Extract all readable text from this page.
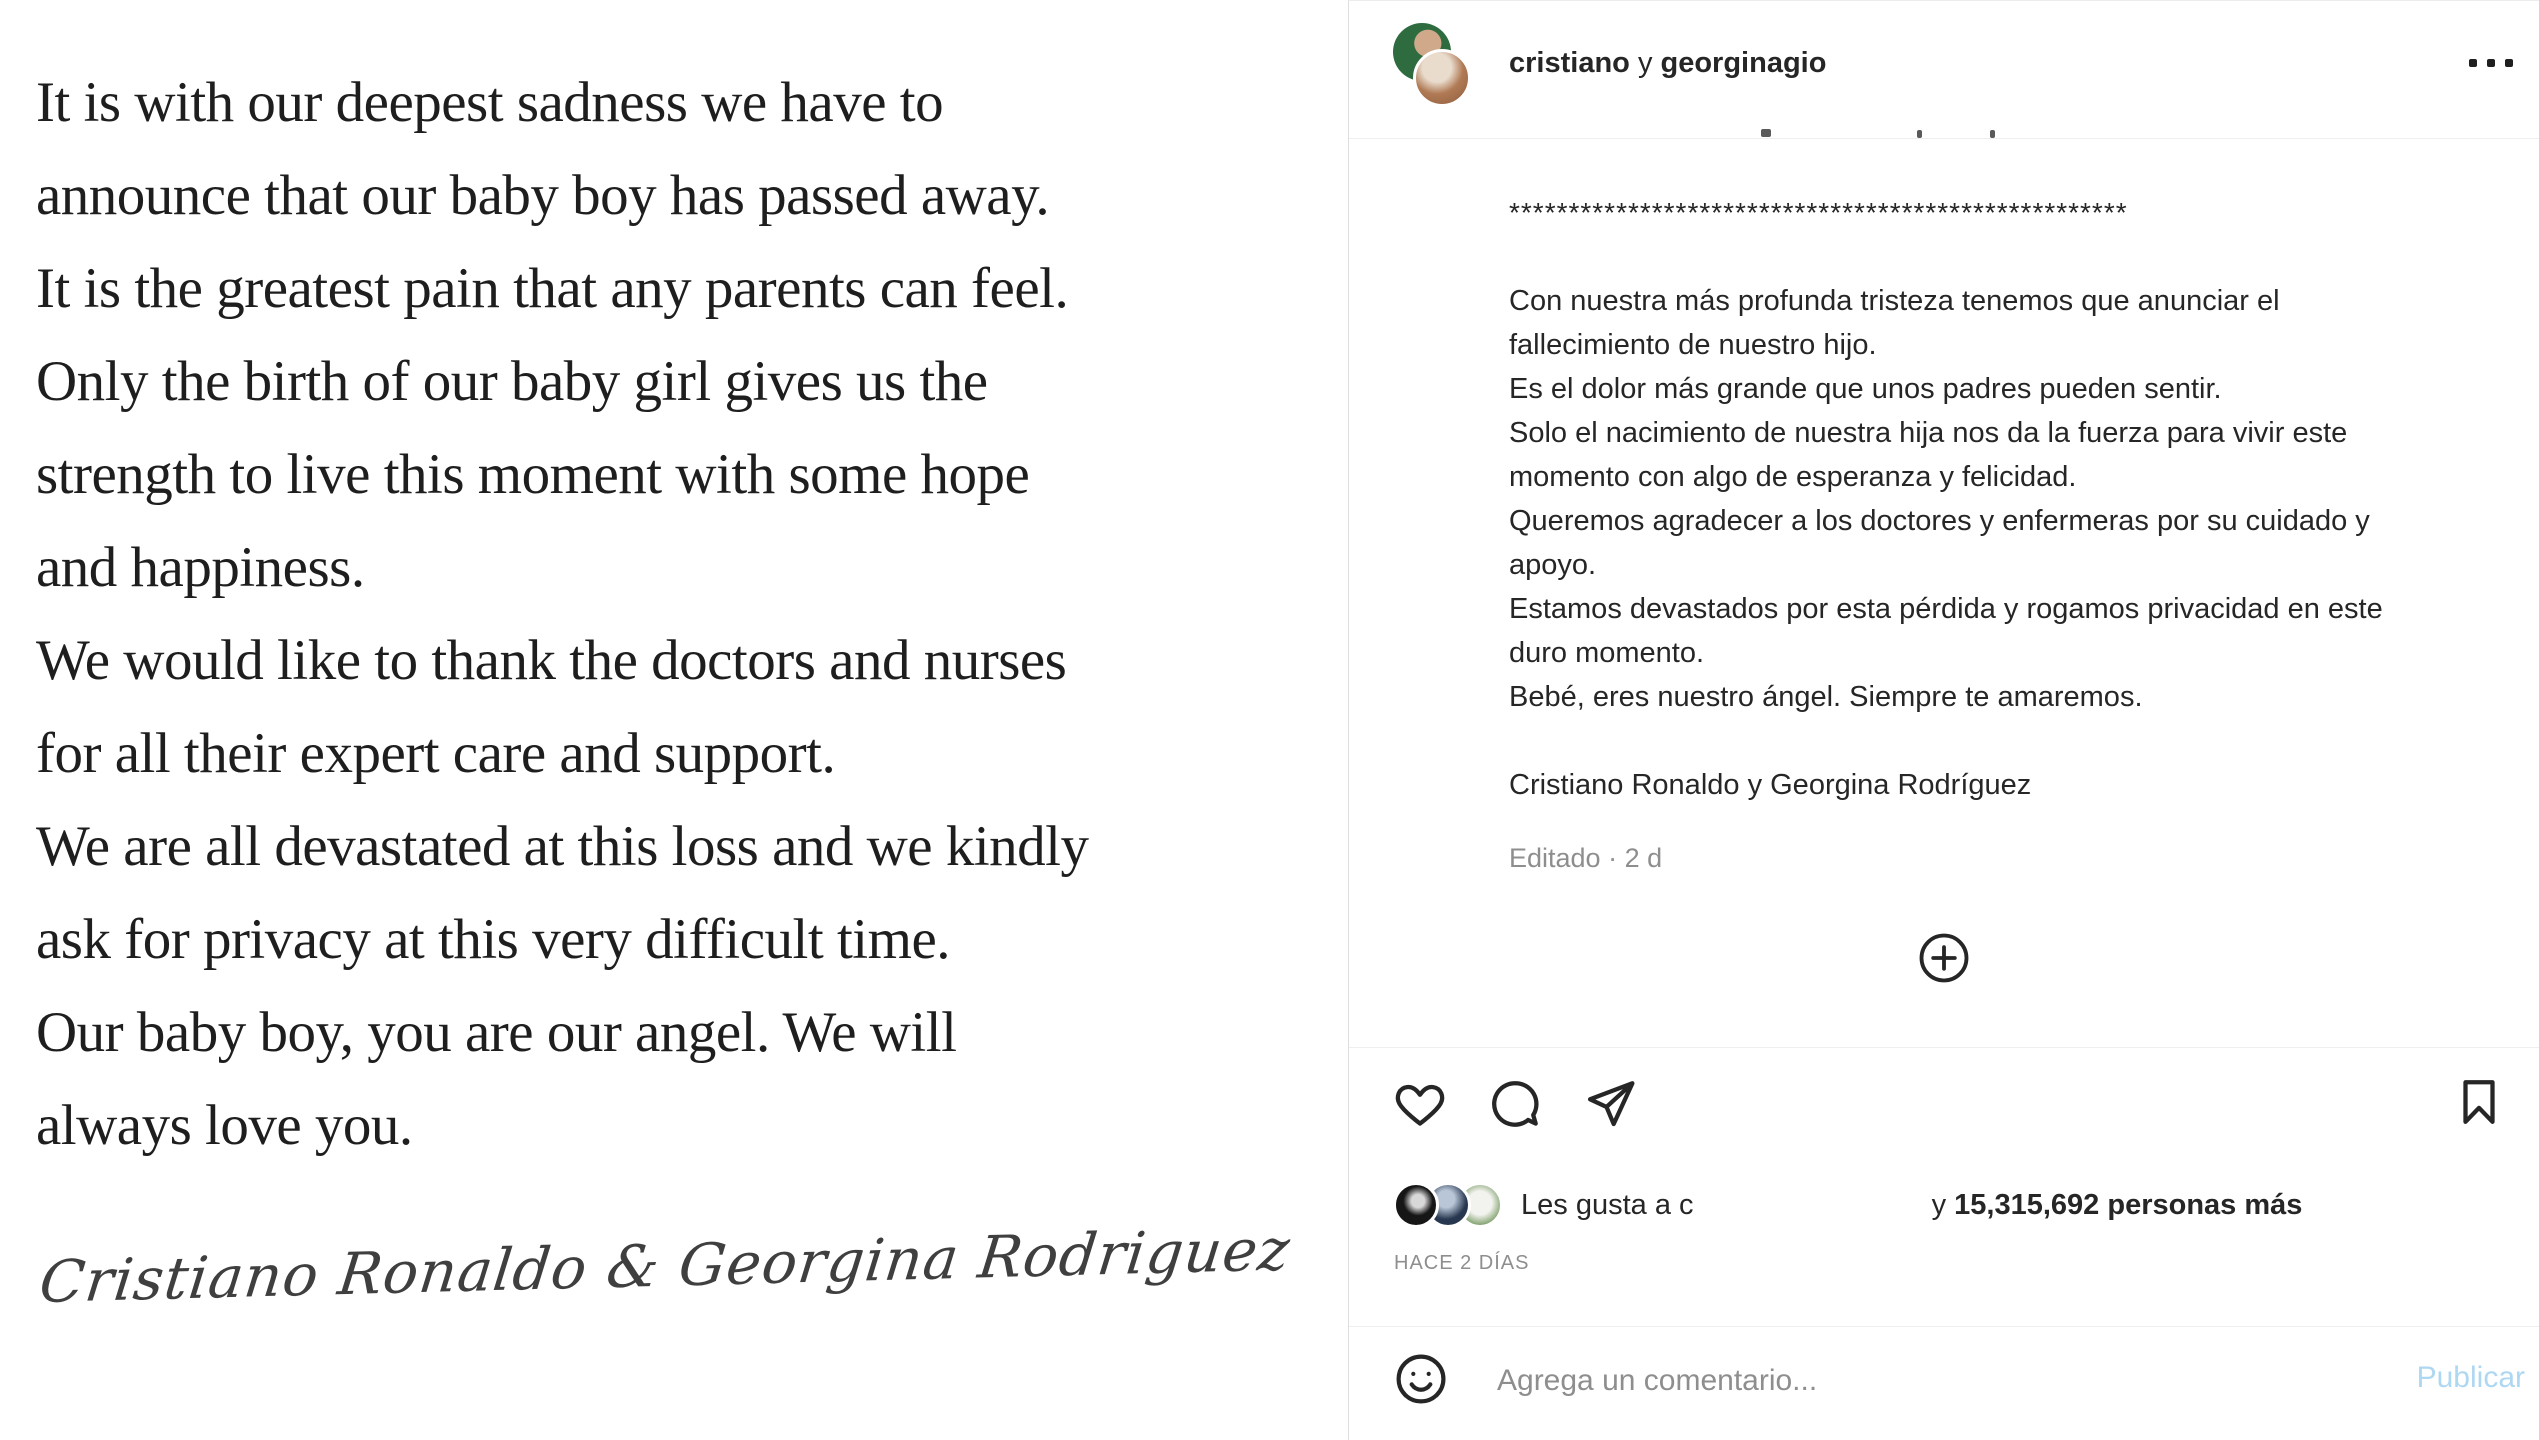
It is with our deepest sadness we have to
announce that our baby boy has passed away.
It is the greatest pain that any parents can feel.
Only the birth of our baby girl gives us the
strength to live this moment with some hope
and happiness.
We would like to thank the doctors and nurses
for all their expert care and support.
We are all devastated at this loss and we kindly
ask for privacy at this very difficult time.
Our baby boy, you are our angel. We will
always love you.
Cristiano Ronaldo & Georgina Rodriguez
cristiano y georginagio
****************************************************
Con nuestra más profunda tristeza tenemos que anunciar el
fallecimiento de nuestro hijo.
Es el dolor más grande que unos padres pueden sentir.
Solo el nacimiento de nuestra hija nos da la fuerza para vivir este
momento con algo de esperanza y felicidad.
Queremos agradecer a los doctores y enfermeras por su cuidado y
apoyo.
Estamos devastados por esta pérdida y rogamos privacidad en este
duro momento.
Bebé, eres nuestro ángel. Siempre te amaremos.
Cristiano Ronaldo y Georgina Rodríguez
Editado · 2 d
Les gusta a c	y 15,315,692 personas más
HACE 2 DÍAS
Agrega un comentario...
Publicar
